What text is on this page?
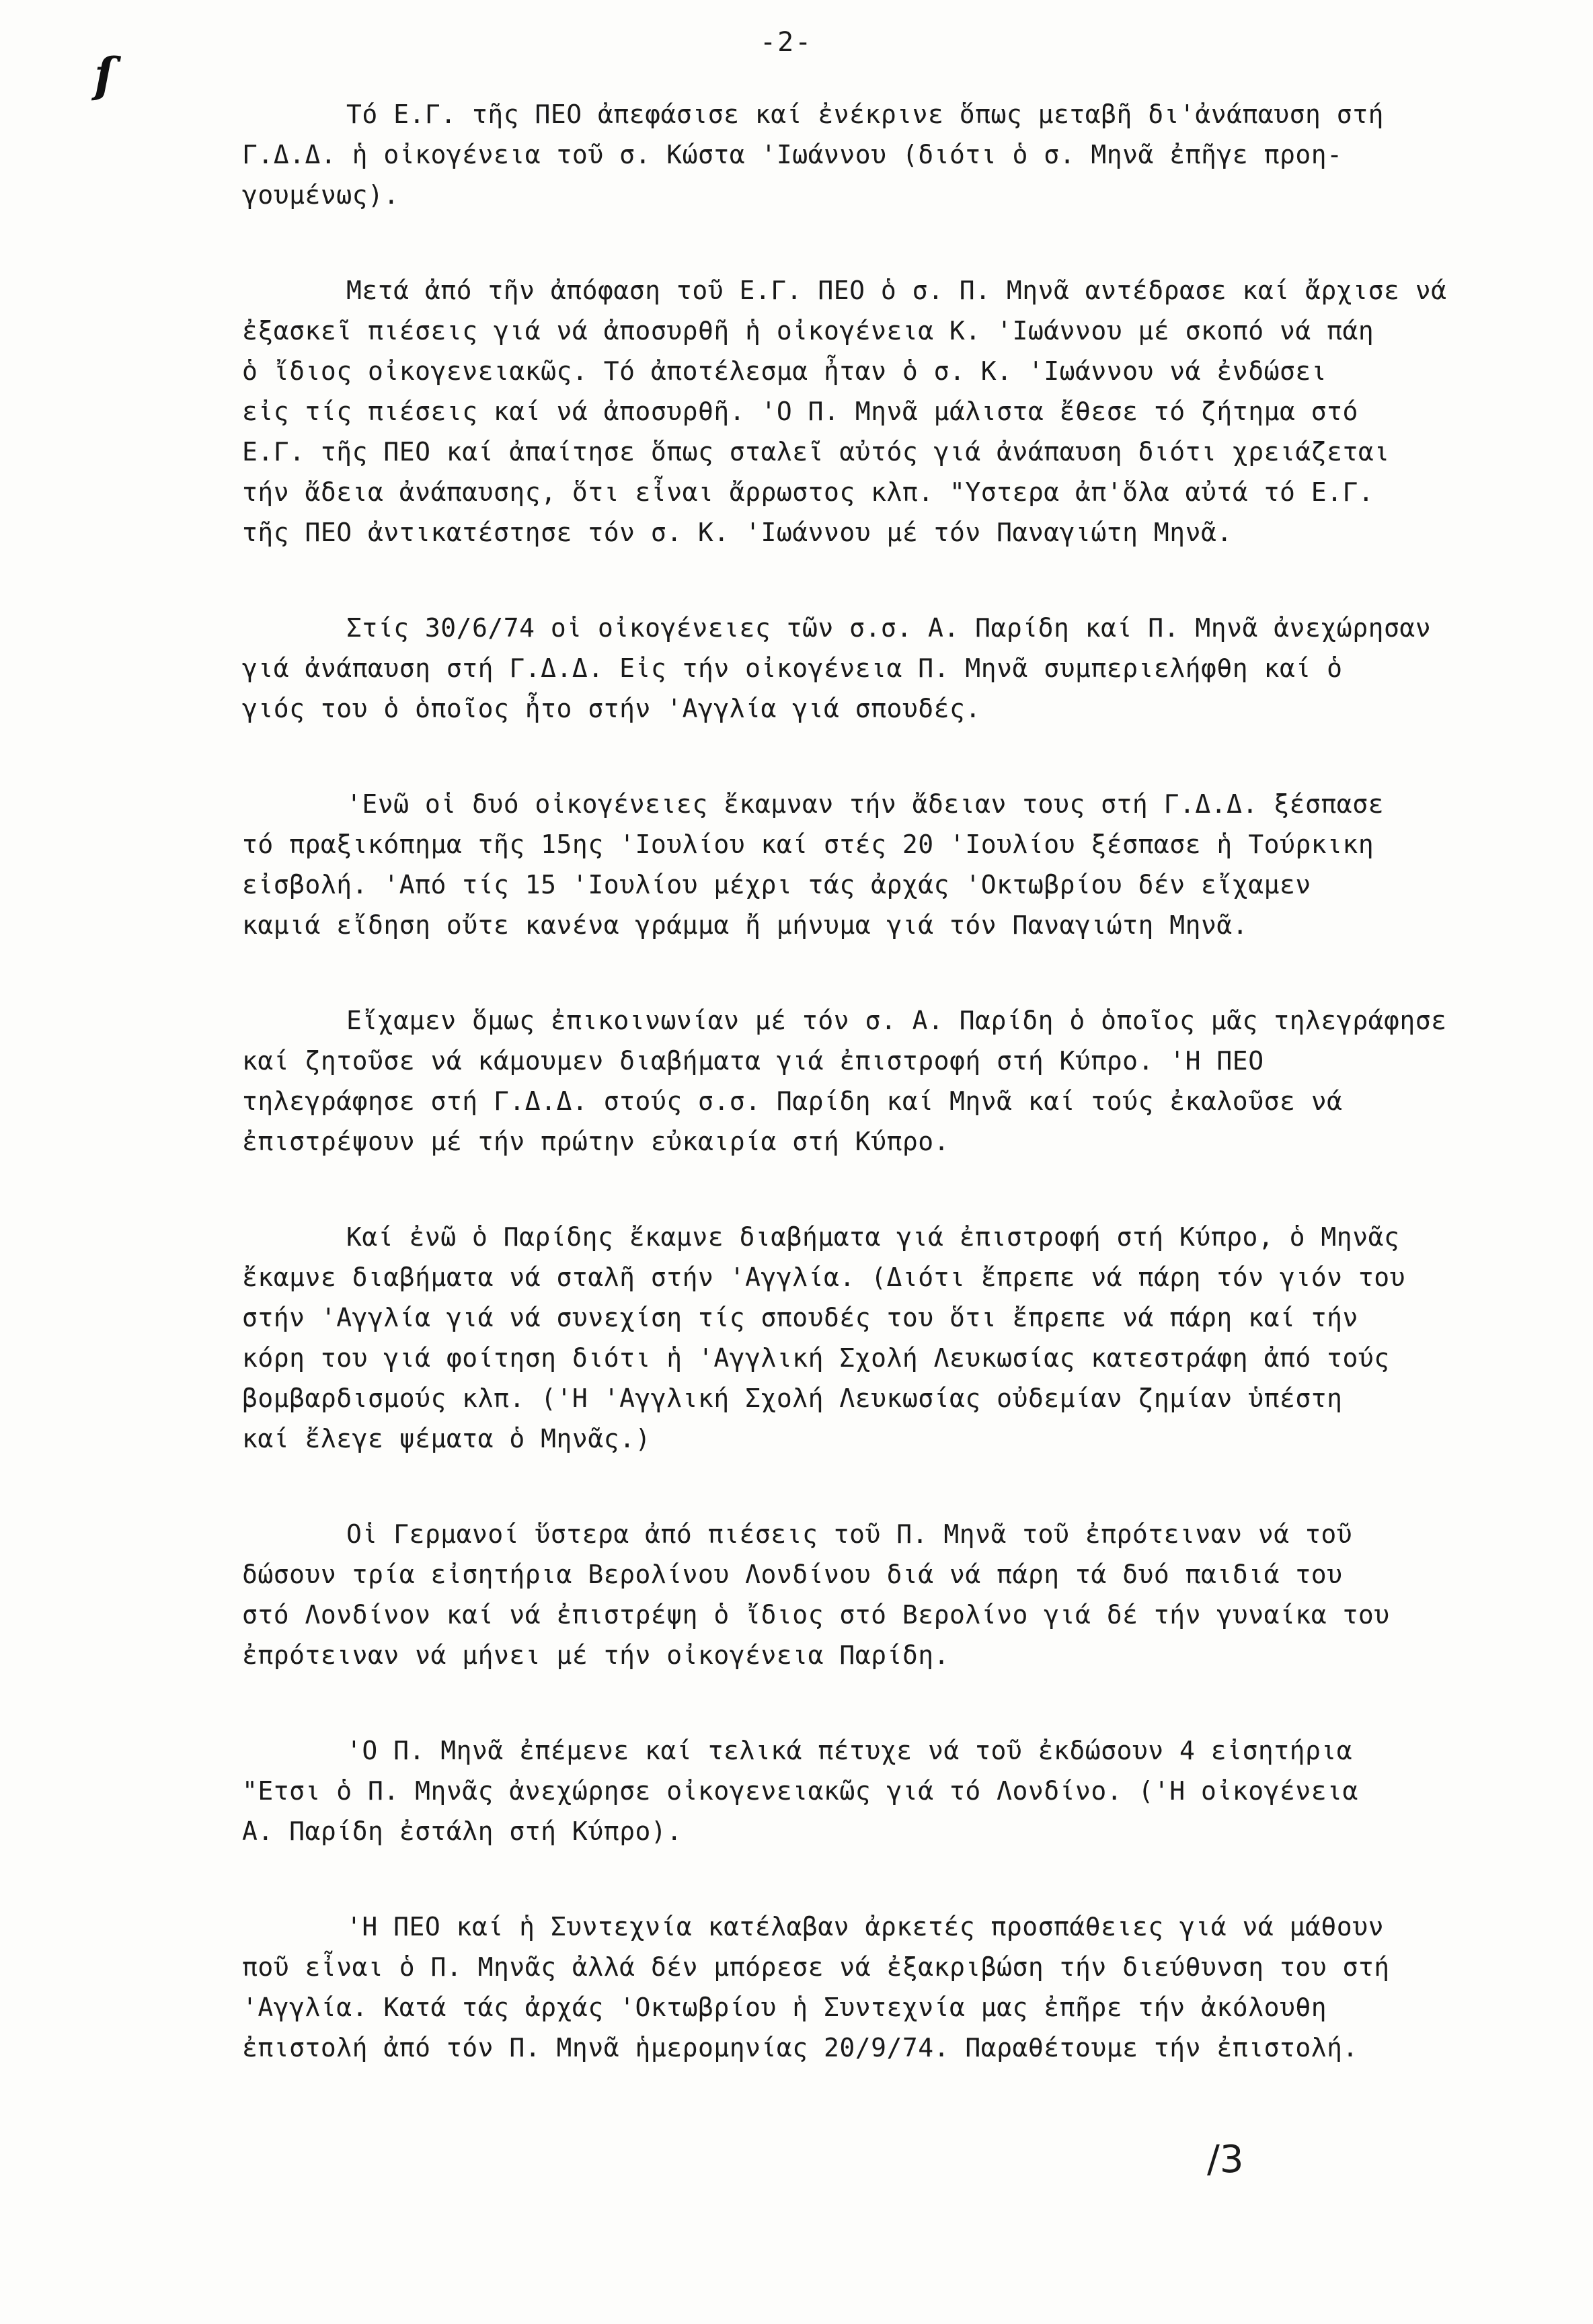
-2-
ſ
Τό Ε.Γ. τῆς ΠΕΟ ἀπεφάσισε καί ἐνέκρινε ὅπως μεταβῆ δι'ἀνάπαυση στή
Γ.Δ.Δ. ἡ οἰκογένεια τοῦ σ. Κώστα 'Ιωάννου (διότι ὁ σ. Μηνᾶ ἐπῆγε προη-
γουμένως).
Μετά ἀπό τῆν ἀπόφαση τοῦ Ε.Γ. ΠΕΟ ὁ σ. Π. Μηνᾶ αντέδρασε καί ἄρχισε νά
ἐξασκεῖ πιέσεις γιά νά ἀποσυρθῆ ἡ οἰκογένεια Κ. 'Ιωάννου μέ σκοπό νά πάη
ὁ ἴδιος οἰκογενειακῶς. Τό ἀποτέλεσμα ἦταν ὁ σ. Κ. 'Ιωάννου νά ἐνδώσει
εἰς τίς πιέσεις καί νά ἀποσυρθῆ. 'Ο Π. Μηνᾶ μάλιστα ἔθεσε τό ζήτημα στό
Ε.Γ. τῆς ΠΕΟ καί ἀπαίτησε ὅπως σταλεῖ αὐτός γιά ἀνάπαυση διότι χρειάζεται
τήν ἄδεια ἀνάπαυσης, ὅτι εἶναι ἄρρωστος κλπ. "Υστερα ἀπ'ὅλα αὐτά τό Ε.Γ.
τῆς ΠΕΟ ἀντικατέστησε τόν σ. Κ. 'Ιωάννου μέ τόν Παναγιώτη Μηνᾶ.
Στίς 30/6/74 οἱ οἰκογένειες τῶν σ.σ. Α. Παρίδη καί Π. Μηνᾶ ἀνεχώρησαν
γιά ἀνάπαυση στή Γ.Δ.Δ. Εἰς τήν οἰκογένεια Π. Μηνᾶ συμπεριελήφθη καί ὁ
γιός του ὁ ὁποῖος ἦτο στήν 'Αγγλία γιά σπουδές.
'Ενῶ οἱ δυό οἰκογένειες ἔκαμναν τήν ἄδειαν τους στή Γ.Δ.Δ. ξέσπασε
τό πραξικόπημα τῆς 15ης 'Ιουλίου καί στές 20 'Ιουλίου ξέσπασε ἡ Τούρκικη
εἰσβολή. 'Από τίς 15 'Ιουλίου μέχρι τάς ἀρχάς 'Οκτωβρίου δέν εἴχαμεν
καμιά εἴδηση οὔτε κανένα γράμμα ἤ μήνυμα γιά τόν Παναγιώτη Μηνᾶ.
Εἴχαμεν ὅμως ἐπικοινωνίαν μέ τόν σ. Α. Παρίδη ὁ ὁποῖος μᾶς τηλεγράφησε
καί ζητοῦσε νά κάμουμεν διαβήματα γιά ἐπιστροφή στή Κύπρο. 'Η ΠΕΟ
τηλεγράφησε στή Γ.Δ.Δ. στούς σ.σ. Παρίδη καί Μηνᾶ καί τούς ἐκαλοῦσε νά
ἐπιστρέψουν μέ τήν πρώτην εὐκαιρία στή Κύπρο.
Καί ἐνῶ ὁ Παρίδης ἔκαμνε διαβήματα γιά ἐπιστροφή στή Κύπρο, ὁ Μηνᾶς
ἔκαμνε διαβήματα νά σταλῆ στήν 'Αγγλία. (Διότι ἔπρεπε νά πάρη τόν γιόν του
στήν 'Αγγλία γιά νά συνεχίση τίς σπουδές του ὅτι ἔπρεπε νά πάρη καί τήν
κόρη του γιά φοίτηση διότι ἡ 'Αγγλική Σχολή Λευκωσίας κατεστράφη ἀπό τούς
βομβαρδισμούς κλπ. ('Η 'Αγγλική Σχολή Λευκωσίας οὐδεμίαν ζημίαν ὑπέστη
καί ἔλεγε ψέματα ὁ Μηνᾶς.)
Οἱ Γερμανοί ὕστερα ἀπό πιέσεις τοῦ Π. Μηνᾶ τοῦ ἐπρότειναν νά τοῦ
δώσουν τρία εἰσητήρια Βερολίνου Λονδίνου διά νά πάρη τά δυό παιδιά του
στό Λονδίνον καί νά ἐπιστρέψη ὁ ἴδιος στό Βερολίνο γιά δέ τήν γυναίκα του
ἐπρότειναν νά μήνει μέ τήν οἰκογένεια Παρίδη.
'Ο Π. Μηνᾶ ἐπέμενε καί τελικά πέτυχε νά τοῦ ἐκδώσουν 4 εἰσητήρια
"Ετσι ὁ Π. Μηνᾶς ἀνεχώρησε οἰκογενειακῶς γιά τό Λονδίνο. ('Η οἰκογένεια
Α. Παρίδη ἐστάλη στή Κύπρο).
'Η ΠΕΟ καί ἡ Συντεχνία κατέλαβαν ἀρκετές προσπάθειες γιά νά μάθουν
ποῦ εἶναι ὁ Π. Μηνᾶς ἀλλά δέν μπόρεσε νά ἐξακριβώση τήν διεύθυνση του στή
'Αγγλία. Κατά τάς ἀρχάς 'Οκτωβρίου ἡ Συντεχνία μας ἐπῆρε τήν ἀκόλουθη
ἐπιστολή ἀπό τόν Π. Μηνᾶ ἡμερομηνίας 20/9/74. Παραθέτουμε τήν ἐπιστολή.
/3
